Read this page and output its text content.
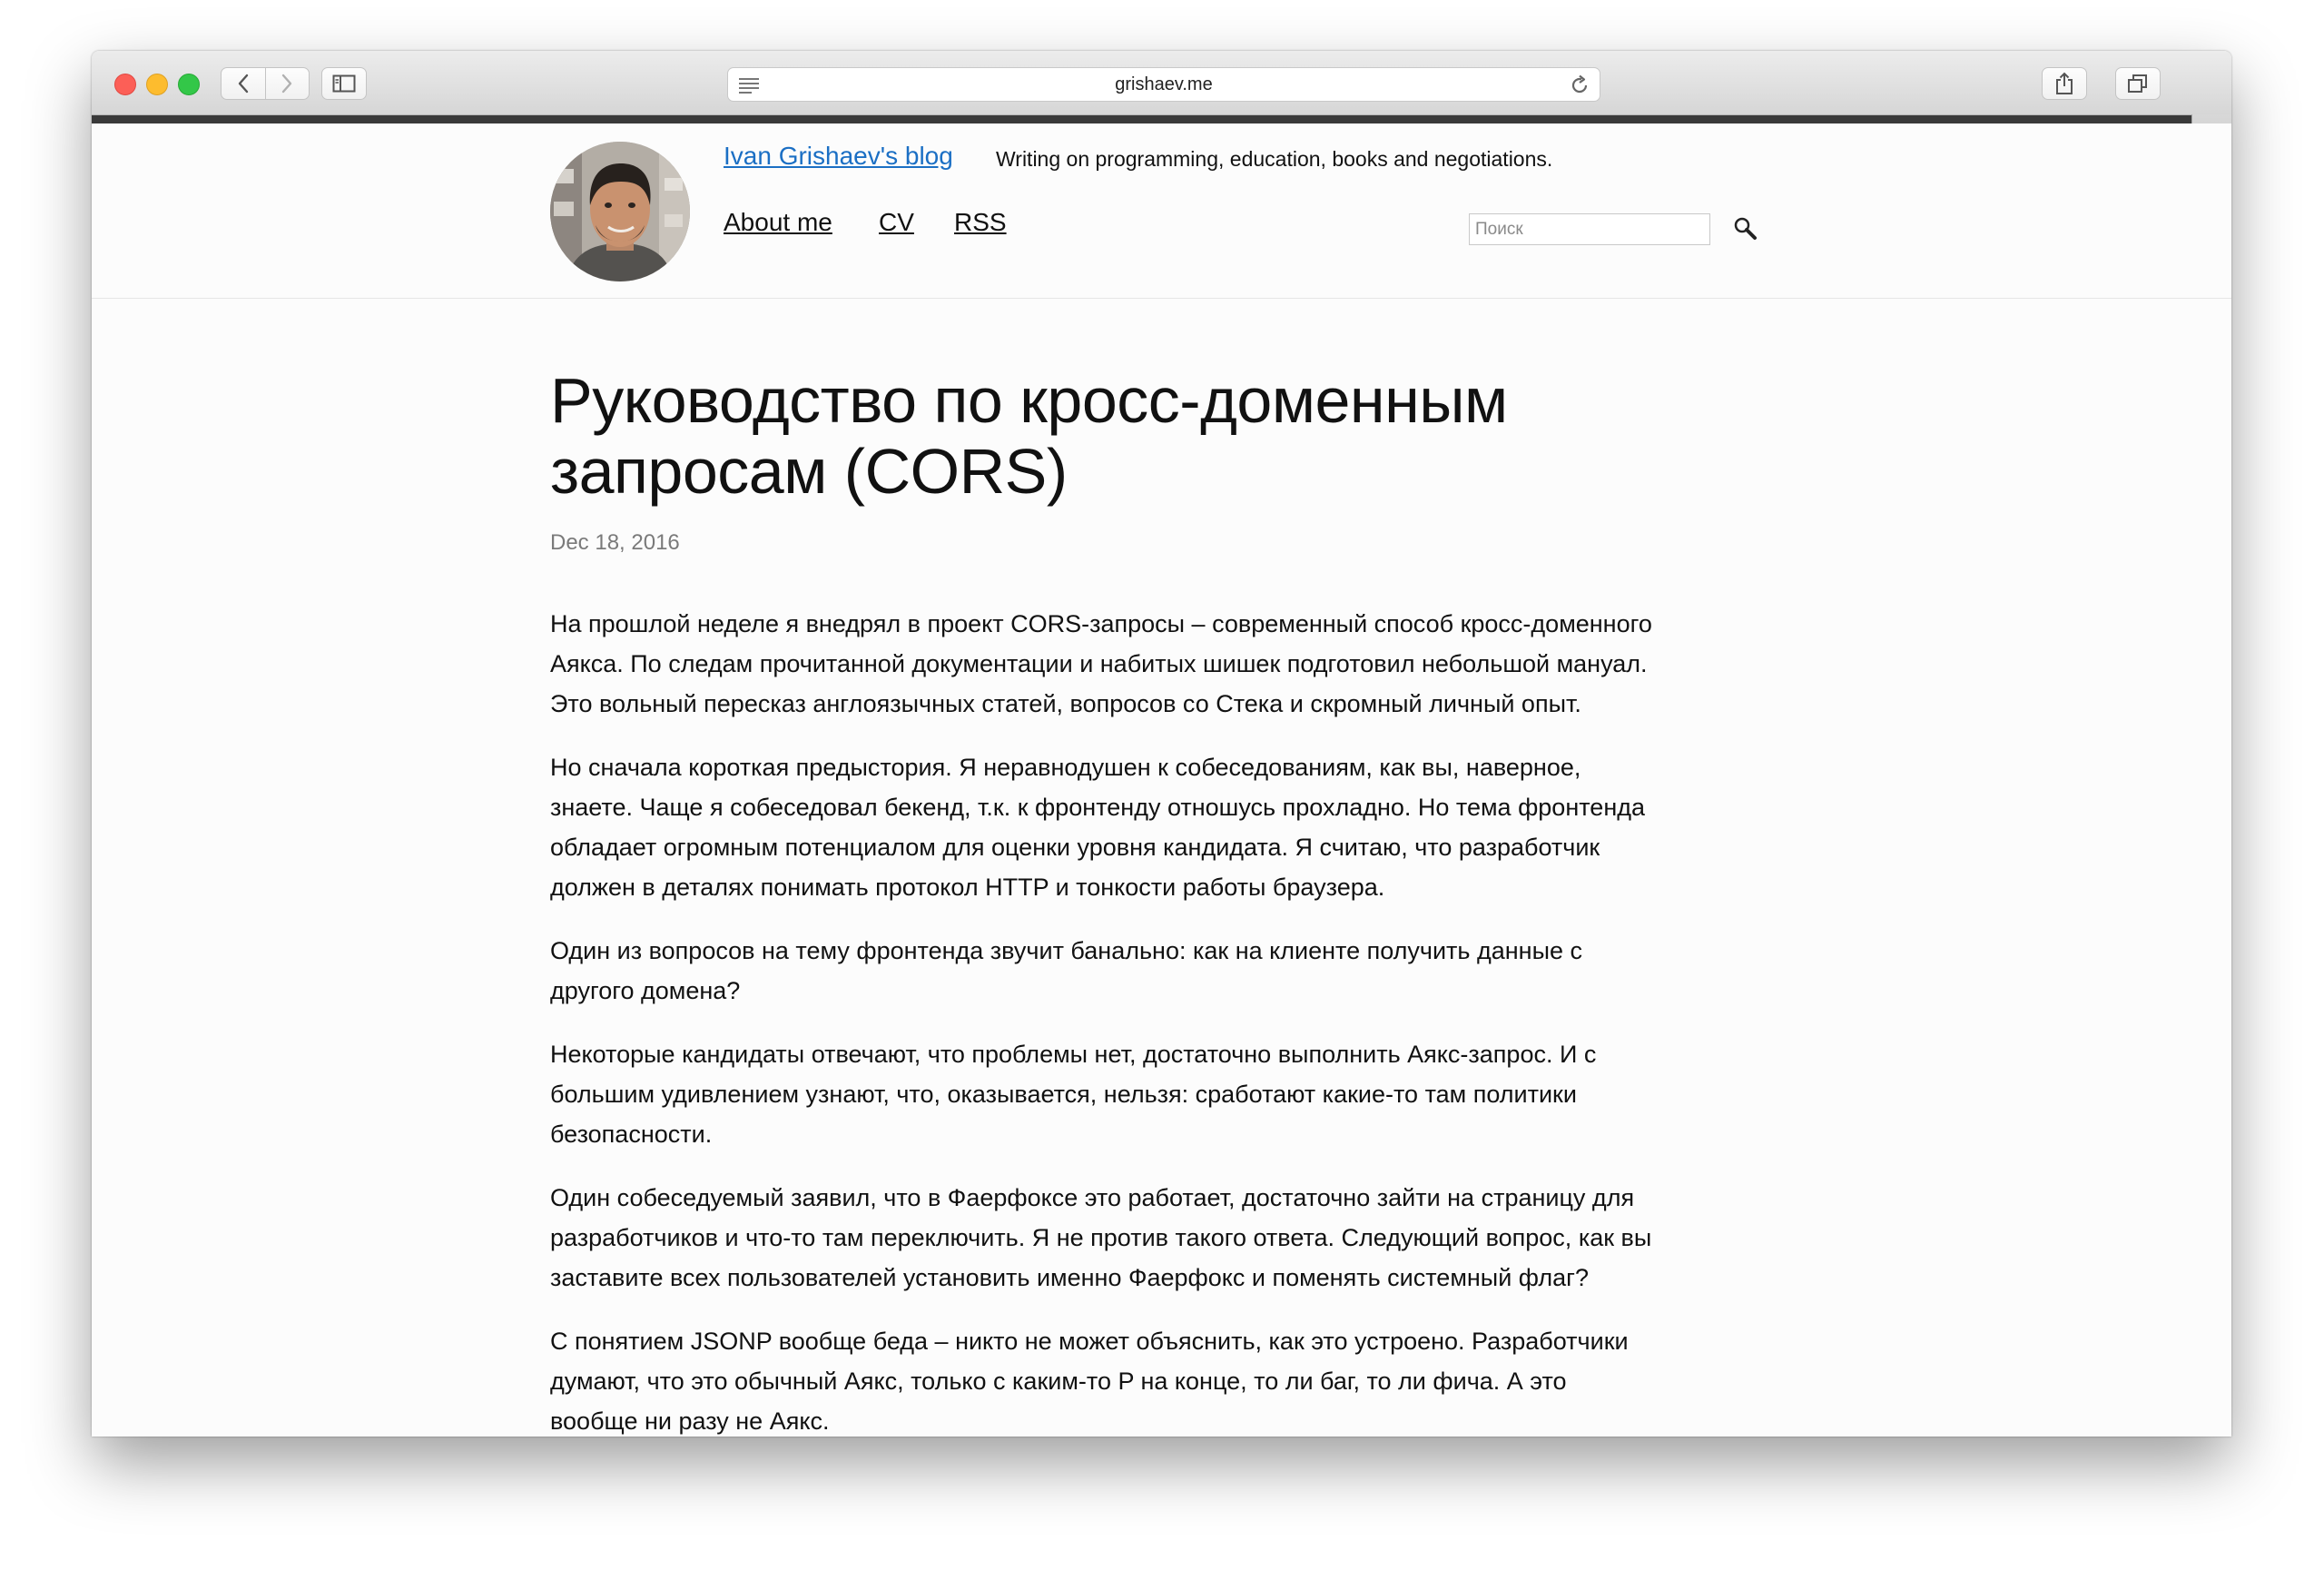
grishaev.me
Ivan Grishaev's blog Writing on programming, education, books and negotiations.
About me CV RSS
Поиск
Руководство по кросс-доменным
запросам (CORS)
Dec 18, 2016

На прошлой неделе я внедрял в проект CORS-запросы – современный способ кросс-доменного
Аякса. По следам прочитанной документации и набитых шишек подготовил небольшой мануал.
Это вольный пересказ англоязычных статей, вопросов со Стека и скромный личный опыт.

Но сначала короткая предыстория. Я неравнодушен к собеседованиям, как вы, наверное,
знаете. Чаще я собеседовал бекенд, т.к. к фронтенду отношусь прохладно. Но тема фронтенда
обладает огромным потенциалом для оценки уровня кандидата. Я считаю, что разработчик
должен в деталях понимать протокол HTTP и тонкости работы браузера.

Один из вопросов на тему фронтенда звучит банально: как на клиенте получить данные с
другого домена?

Некоторые кандидаты отвечают, что проблемы нет, достаточно выполнить Аякс-запрос. И с
большим удивлением узнают, что, оказывается, нельзя: сработают какие-то там политики
безопасности.

Один собеседуемый заявил, что в Фаерфоксе это работает, достаточно зайти на страницу для
разработчиков и что-то там переключить. Я не против такого ответа. Следующий вопрос, как вы
заставите всех пользователей установить именно Фаерфокс и поменять системный флаг?

С понятием JSONP вообще беда – никто не может объяснить, как это устроено. Разработчики
думают, что это обычный Аякс, только с каким-то P на конце, то ли баг, то ли фича. А это
вообще ни разу не Аякс.
